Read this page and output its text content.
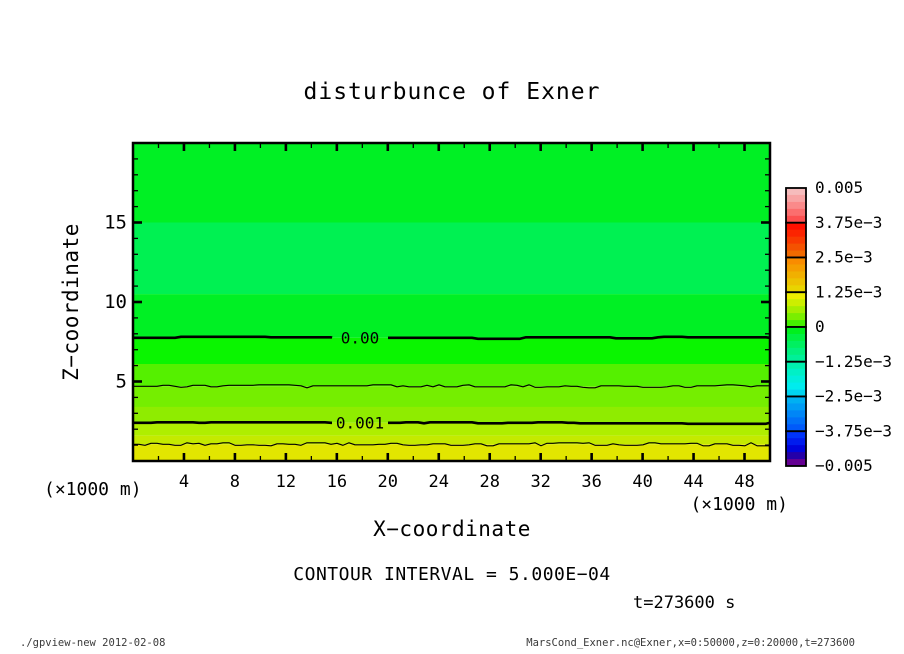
0.00
0.001
4 8 12 16 20 24 28 32 36 40 44 48
5
10
15
0.005
3.75e−3
2.5e−3
1.25e−3
0
−1.25e−3
−2.5e−3
−3.75e−3
−0.005
disturbunce of Exner
Z−coordinate
X−coordinate
(×1000 m)
(×1000 m)
CONTOUR INTERVAL = 5.000E−04
t=273600 s
./gpview-new 2012-02-08	MarsCond_Exner.nc@Exner,x=0:50000,z=0:20000,t=273600
